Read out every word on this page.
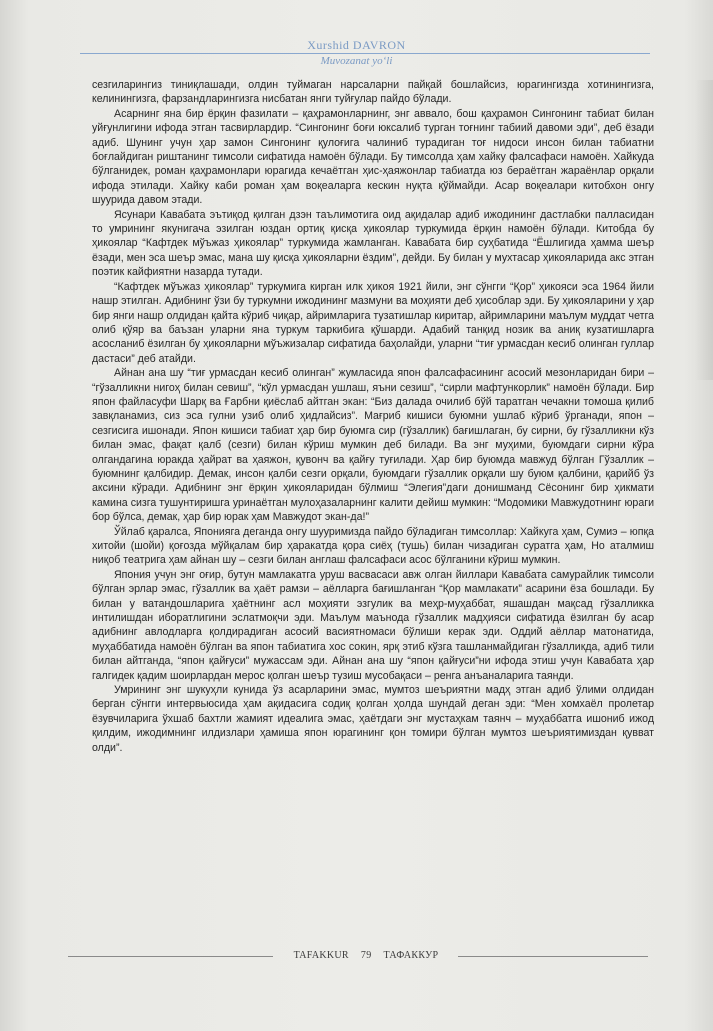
Xurshid DAVRON
Muvozanat yo‘li

сезгиларингиз тиниқлашади, олдин туймаган нарсаларни пайқай бошлайсиз, юрагингизда хотинингизга, келинингизга, фарзандларингизга нисбатан янги туйғулар пайдо бўлади.

Асарнинг яна бир ёрқин фазилати – қаҳрамонларнинг, энг аввало, бош қаҳрамон Сингонинг табиат билан уйғунлигини ифода этган тасвирлардир. “Сингонинг боғи юксалиб турган тоғнинг табиий давоми эди”, деб ёзади адиб. Шунинг учун ҳар замон Сингонинг қулоғига чалиниб турадиган тоғ нидоси инсон билан табиатни боғлайдиган риштанинг тимсоли сифатида намоён бўлади. Бу тимсолда ҳам хайку фалсафаси намоён. Хайкуда бўлганидек, роман қаҳрамонлари юрагида кечаётган ҳис-ҳаяжонлар табиатда юз бераётган жараёнлар орқали ифода этилади. Хайку каби роман ҳам воқеаларга кескин нуқта қўймайди. Асар воқеалари китобхон онгу шуурида давом этади.

Ясунари Кавабата эътиқод қилган дзэн таълимотига оид ақидалар адиб ижодининг дастлабки палласидан то умрининг якунигача эзилган юздан ортиқ қисқа ҳикоялар туркумида ёрқин намоён бўлади. Китобда бу ҳикоялар “Кафтдек мўъжаз ҳикоялар” туркумида жамланган. Кавабата бир суҳбатида “Ёшлигида ҳамма шеър ёзади, мен эса шеър эмас, мана шу қисқа ҳикояларни ёздим”, дейди. Бу билан у мухтасар ҳикояларида акс этган поэтик кайфиятни назарда тутади.

“Кафтдек мўъжаз ҳикоялар” туркумига кирган илк ҳикоя 1921 йили, энг сўнгги “Қор” ҳикояси эса 1964 йили нашр этилган. Адибнинг ўзи бу туркумни ижодининг мазмуни ва моҳияти деб ҳисоблар эди. Бу ҳикояларини у ҳар бир янги нашр олдидан қайта кўриб чиқар, айримларига тузатишлар киритар, айримларини маълум муддат четга олиб қўяр ва баъзан уларни яна туркум таркибига қўшарди. Адабий танқид нозик ва аниқ кузатишларга асосланиб ёзилган бу ҳикояларни мўъжизалар сифатида баҳолайди, уларни “тиғ урмасдан кесиб олинган гуллар дастаси” деб атайди.

Айнан ана шу “тиғ урмасдан кесиб олинган” жумласида япон фалсафасининг асосий мезонларидан бири – “гўзалликни нигоҳ билан севиш”, “кўл урмасдан ушлаш, яъни сезиш”, “сирли мафтункорлик” намоён бўлади. Бир япон файласуфи Шарқ ва Ғарбни қиёслаб айтган экан: “Биз далада очилиб бўй таратган чечакни томоша қилиб завқланамиз, сиз эса гулни узиб олиб ҳидлайсиз”. Мағриб кишиси буюмни ушлаб кўриб ўрганади, япон – сезгисига ишонади. Япон кишиси табиат ҳар бир буюмга сир (гўзаллик) бағишлаган, бу сирни, бу гўзалликни кўз билан эмас, фақат қалб (сезги) билан кўриш мумкин деб билади. Ва энг муҳими, буюмдаги сирни кўра олгандагина юракда ҳайрат ва ҳаяжон, қувонч ва қайғу туғилади. Ҳар бир буюмда мавжуд бўлган Гўзаллик – буюмнинг қалбидир. Демак, инсон қалби сезги орқали, буюмдаги гўзаллик орқали шу буюм қалбини, қарийб ўз аксини кўради. Адибнинг энг ёрқин ҳикояларидан бўлмиш “Элегия”даги донишманд Сёсонинг бир ҳикмати камина сизга тушунтиришга уринаётган мулоҳазаларнинг калити дейиш мумкин: “Модомики Мавжудотнинг юраги бор бўлса, демак, ҳар бир юрак ҳам Мавжудот экан-да!”

Ўйлаб қаралса, Японияга деганда онгу шууримизда пайдо бўладиган тимсоллар: Хайкуга ҳам, Сумиэ – юпқа хитойи (шойи) қоғозда мўйқалам бир ҳаракатда қора сиёҳ (тушь) билан чизадиган суратга ҳам, Но аталмиш ниқоб театрига ҳам айнан шу – сезги билан англаш фалсафаси асос бўлганини кўриш мумкин.

Япония учун энг оғир, бутун мамлакатга уруш васвасаси авж олган йиллари Кавабата самурайлик тимсоли бўлган эрлар эмас, гўзаллик ва ҳаёт рамзи – аёлларга бағишланган “Қор мамлакати” асарини ёза бошлади. Бу билан у ватандошларига ҳаётнинг асл моҳияти эзгулик ва меҳр-муҳаббат, яшашдан мақсад гўзалликка интилишдан иборатлигини эслатмоқчи эди. Маълум маънода гўзаллик мадҳияси сифатида ёзилган бу асар адибнинг авлодларга қолдирадиган асосий васиятномаси бўлиши керак эди. Оддий аёллар матонатида, муҳаббатида намоён бўлган ва япон табиатига хос сокин, ярқ этиб кўзга ташланмайдиган гўзалликда, адиб тили билан айтганда, “япон қайғуси” мужассам эди. Айнан ана шу “япон қайғуси”ни ифода этиш учун Кавабата ҳар галгидек қадим шоирлардан мерос қолган шеър тузиш мусобақаси – ренга анъаналарига таянди.

Умрининг энг шукуҳли кунида ўз асарларини эмас, мумтоз шеъриятни мадҳ этган адиб ўлими олдидан берган сўнгги интервьюсида ҳам ақидасига содиқ қолган ҳолда шундай деган эди: “Мен хомхаёл пролетар ёзувчиларига ўхшаб бахтли жамият идеалига эмас, ҳаётдаги энг мустаҳкам таянч – муҳаббатга ишониб ижод қилдим, ижодимнинг илдизлари ҳамиша япон юрагининг қон томири бўлган мумтоз шеъриятимиздан қувват олди”.

TAFAKKUR 79 ТАФАККУР
